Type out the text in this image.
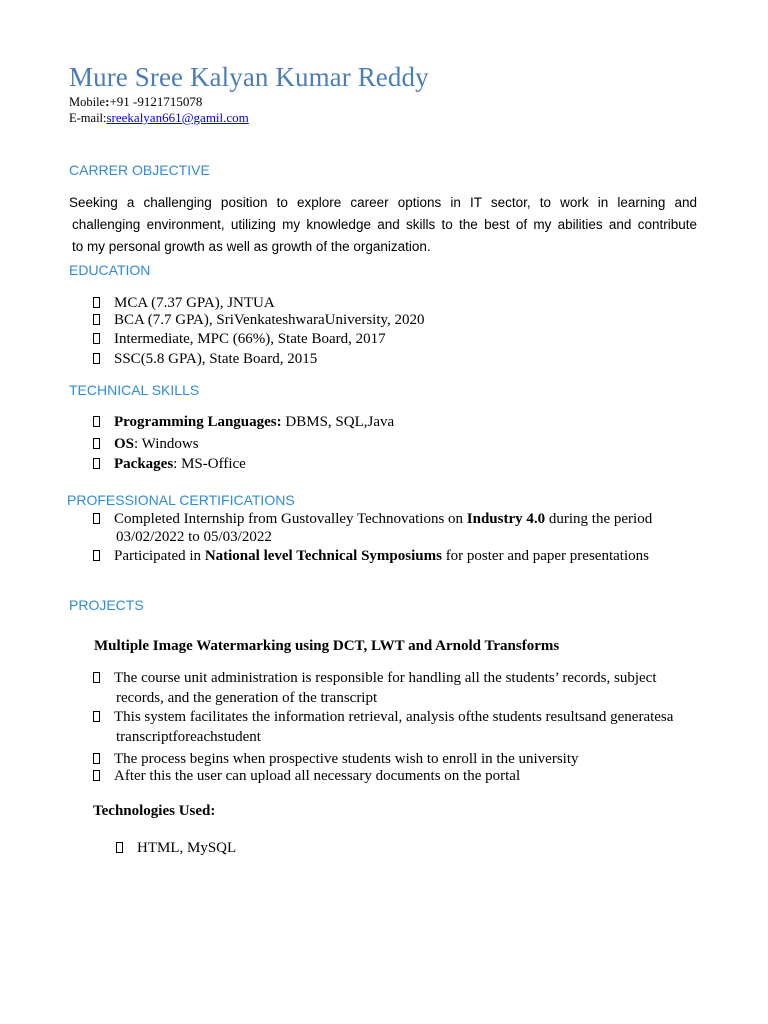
Mure Sree Kalyan Kumar Reddy
Mobile:+91 -9121715078
E-mail:sreekalyan661@gamil.com
CARRER OBJECTIVE
Seeking a challenging position to explore career options in IT sector, to work in learning and
challenging environment, utilizing my knowledge and skills to the best of my abilities and contribute
to my personal growth as well as growth of the organization.
EDUCATION
MCA (7.37 GPA), JNTUA
BCA (7.7 GPA), SriVenkateshwaraUniversity, 2020
Intermediate, MPC (66%), State Board, 2017
SSC(5.8 GPA), State Board, 2015
TECHNICAL SKILLS
Programming Languages: DBMS, SQL,Java
OS: Windows
Packages: MS-Office
PROFESSIONAL CERTIFICATIONS
Completed Internship from Gustovalley Technovations on Industry 4.0 during the period
03/02/2022 to 05/03/2022
Participated in National level Technical Symposiums for poster and paper presentations
PROJECTS
Multiple Image Watermarking using DCT, LWT and Arnold Transforms
The course unit administration is responsible for handling all the students’ records, subject
records, and the generation of the transcript
This system facilitates the information retrieval, analysis ofthe students resultsand generatesa
transcriptforeachstudent
The process begins when prospective students wish to enroll in the university
After this the user can upload all necessary documents on the portal
Technologies Used:
HTML, MySQL
